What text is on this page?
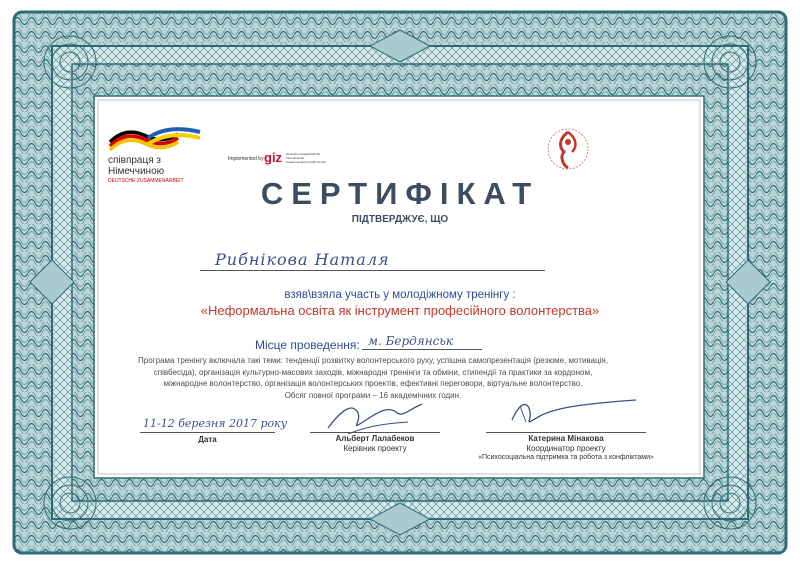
співпраця з
Німеччиною
DEUTSCHE ZUSAMMENARBEIT
Implemented by giz Deutsche Gesellschaft für Internationale Zusammenarbeit (GIZ) GmbH
СЕРТИФІКАТ
ПІДТВЕРДЖУЄ, ЩО
Рибнікова Наталя
взяв\взяла участь у молодіжному тренінгу :
«Неформальна освіта як інструмент професійного волонтерства»
Місце проведення: м. Бердянськ
Програма тренінгу включала такі теми: тенденції розвитку волонтерського руху, успішна самопрезентація (резюме, мотивація, співбесіда), організація культурно-масових заходів, міжнародні тренінги та обміни, стипендії та практики за кордоном, міжнародне волонтерство, організація волонтерських проектів, ефективні переговори, віртуальне волонтерство.
Обсяг повної програми – 16 академічних годин.
11-12 березня 2017 року
Дата	Альберт Лалабеков
Керівник проекту
Катерина Мінакова
Координатор проекту
«Психосоціальна підтримка та робота з конфліктами»
